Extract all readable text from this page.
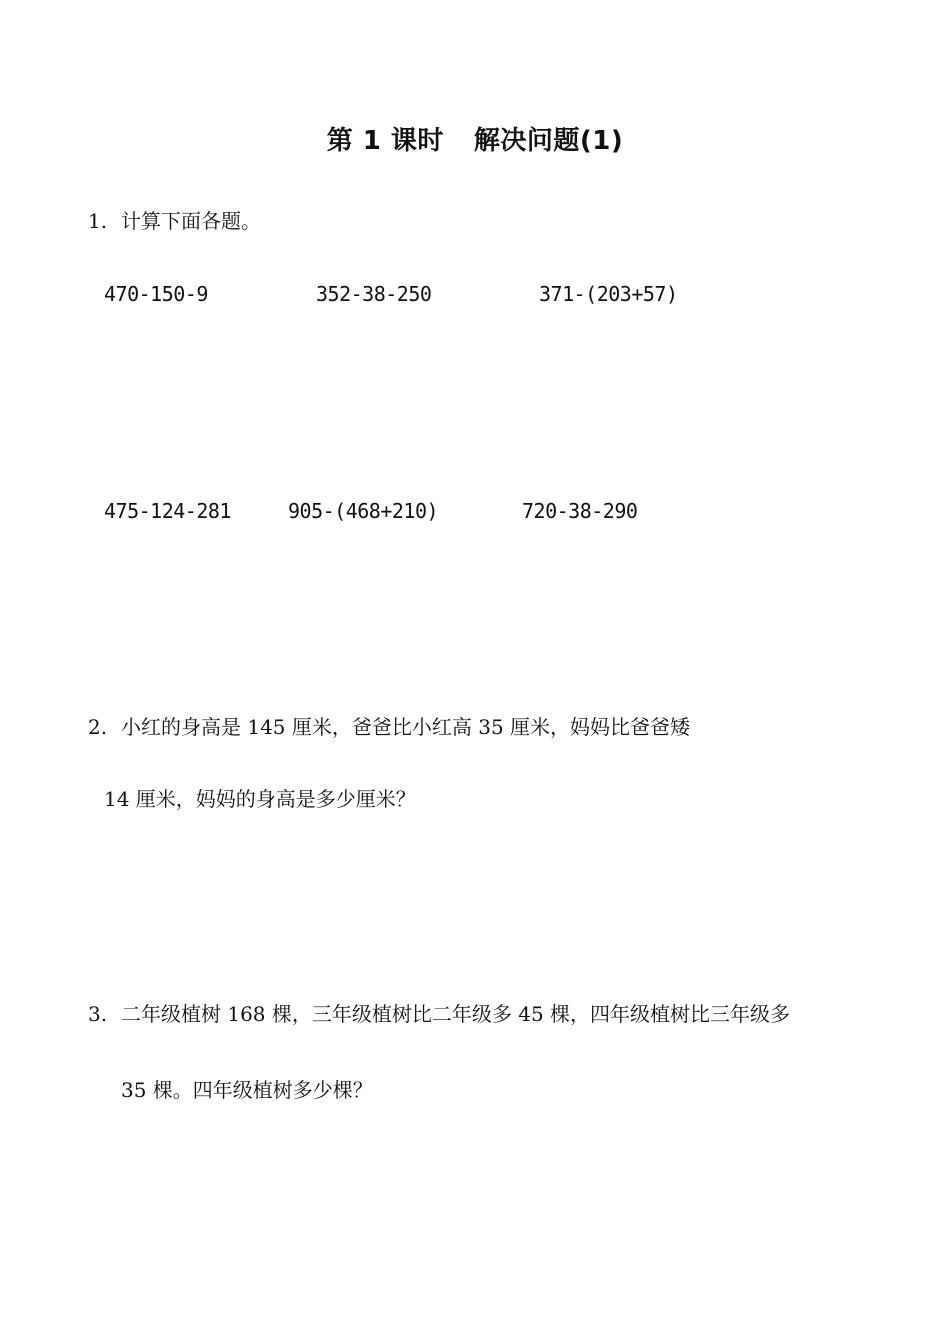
第 1 课时 解决问题(1)
1. 计算下面各题。
470-150-9	352-38-250	371-(203+57)
475-124-281	905-(468+210)	720-38-290
2. 小红的身高是 145 厘米，爸爸比小红高 35 厘米，妈妈比爸爸矮
14 厘米，妈妈的身高是多少厘米？
3. 二年级植树 168 棵，三年级植树比二年级多 45 棵，四年级植树比三年级多
35 棵。四年级植树多少棵？
